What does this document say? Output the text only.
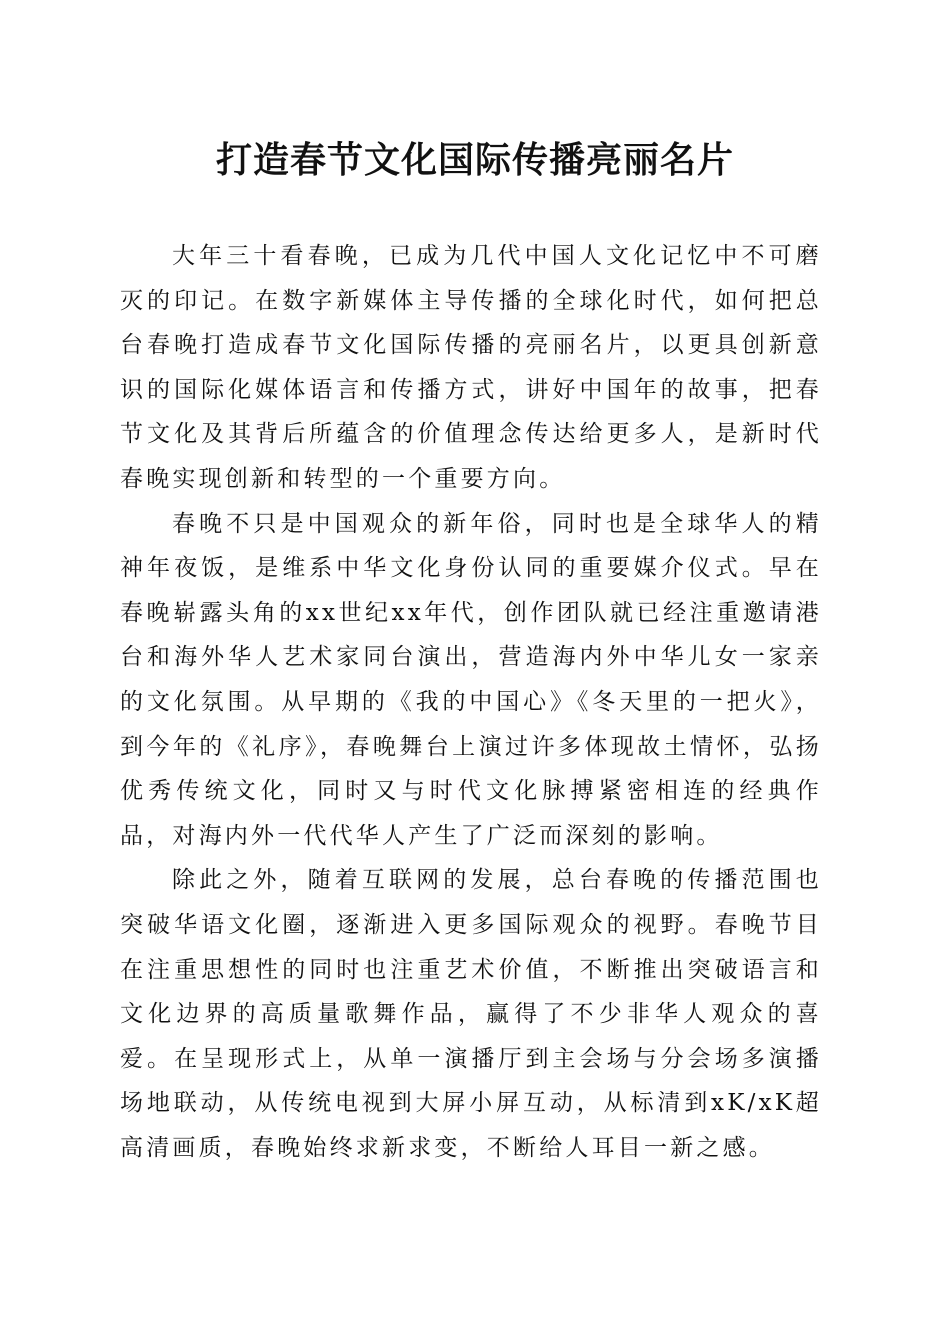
打造春节文化国际传播亮丽名片

大年三十看春晚，已成为几代中国人文化记忆中不可磨灭的印记。在数字新媒体主导传播的全球化时代，如何把总台春晚打造成春节文化国际传播的亮丽名片，以更具创新意识的国际化媒体语言和传播方式，讲好中国年的故事，把春节文化及其背后所蕴含的价值理念传达给更多人，是新时代春晚实现创新和转型的一个重要方向。

春晚不只是中国观众的新年俗，同时也是全球华人的精神年夜饭，是维系中华文化身份认同的重要媒介仪式。早在春晚崭露头角的xx世纪xx年代，创作团队就已经注重邀请港台和海外华人艺术家同台演出，营造海内外中华儿女一家亲的文化氛围。从早期的《我的中国心》《冬天里的一把火》，到今年的《礼序》，春晚舞台上演过许多体现故土情怀，弘扬优秀传统文化，同时又与时代文化脉搏紧密相连的经典作品，对海内外一代代华人产生了广泛而深刻的影响。

除此之外，随着互联网的发展，总台春晚的传播范围也突破华语文化圈，逐渐进入更多国际观众的视野。春晚节目在注重思想性的同时也注重艺术价值，不断推出突破语言和文化边界的高质量歌舞作品，赢得了不少非华人观众的喜爱。在呈现形式上，从单一演播厅到主会场与分会场多演播场地联动，从传统电视到大屏小屏互动，从标清到xK/xK超高清画质，春晚始终求新求变，不断给人耳目一新之感。
